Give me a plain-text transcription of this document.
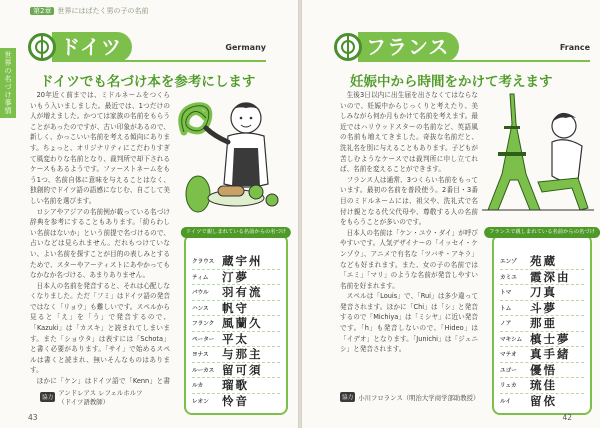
第2章 世界にはばたく男の子の名前
世界の名づけ事情
ドイツ	Germany
ドイツでも名づけ本を参考にします

20年近く前までは、ミドルネームをつくらいもう入いましました。最近では、1つだけの人が増えました。かつては家族の名前をもらうことがあったのですが、古い印象があるので、新しく、かっこいい名前を考える傾向にあります。ちょっと、オリジナリティにこだわりすぎて風変わりな名前となり、裁判所で却下されるケースもあるようです。ファーストネームをもう1つ、名前自体に意味を与えることはなく、独創的でドイツ語の語感になじむ、自ごして美しい名前を選びます。

ロシアやアジアの名前例が載っている名づけ辞典を参考にすることもあります。「紛らわしい名前はないか」という前提で名づけるので、占いなどは見られません。だれもつけていない、よい名前を探すことが目的の表しみとするためで、スターやアーティストにあやかってもなかなか名づける、あまりありません。

日本人の名前を発音すると、それは心配しなくなりました。ただ「フミ」はドイツ語の発音ではなく「リョウ」も難しいです。スペルから見ると「え」を「う」で発音するので、「Kazuki」は「カスキ」と読まれてしまいます。また「ショウタ」は表すには「Schota」と書く必要があります。「サイ」で始めるスペルは書くと読まれ、無いそんなものはあります。

ほかに「ケン」はドイツ語で「Kenn」と書

ドイツで親しまれている名前からの名づけ
クラウス 蔵宇州
ティム	汀夢
パウル	羽有流
ハンス	帆守
フランク 風蘭久
ペーター 平太
ヨナス	与那主
ルーカス 留可須
ルカ	瑠歌
レオン	怜音
協力
アンドレアス レフェルホルツ
（ドイツ語教師）
43
フランス	France
妊娠中から時間をかけて考えます

生後3日以内に出生届を出さなくてはならないので、妊娠中からじっくりと考えたり、美しみながら何か月もかけて名前を考えます。最近ではハリウッドスターの名前など、英語風の名前も増えてきました。奇抜な名前だと、洗礼名を別に与えることもあります。子どもが苦しむようなケースでは裁判所に申し立てれば、名前を変えることができます。

フランス人は通常、3つくらい名前をもっています。最初の名前を普段使う。2番目・3番目のミドルネームには、祖父や、洗礼式で名付け親となる代父代母や、尊敬する人の名前をもらうことが多いのです。

日本人の名前は「ケン・ユウ・ダイ」が呼びやすいです。人気デザイナーの「イッセイ・ケンゾウ」、アニメで有名な「ツバサ・アキラ」なども好まれます。また、女の子の名前では「エミ」「マリ」のような名前が発音しやすい名前を好まれます。

スペルは「Louis」で、「Rui」は多少違って発音されます。ほかに「Chi」は「シ」と発音するので「Michiya」は「ミシヤ」に近い発音です。「h」も発音しないので、「Hideo」は「イデオ」となります。「Junichi」は「ジュニシ」と発音されます。

フランスで親しまれている名前からの名づけ
エンゾ	苑蔵
カミユ	霞深由
トマ	刀真
トム	斗夢
ノア	那亜
マキシム 槙士夢
マテオ	真手緒
ユゴー	優悟
リュカ	琉佳
ルイ	留依
協力 小川フロランス（明治大学商学部助教授）
42
